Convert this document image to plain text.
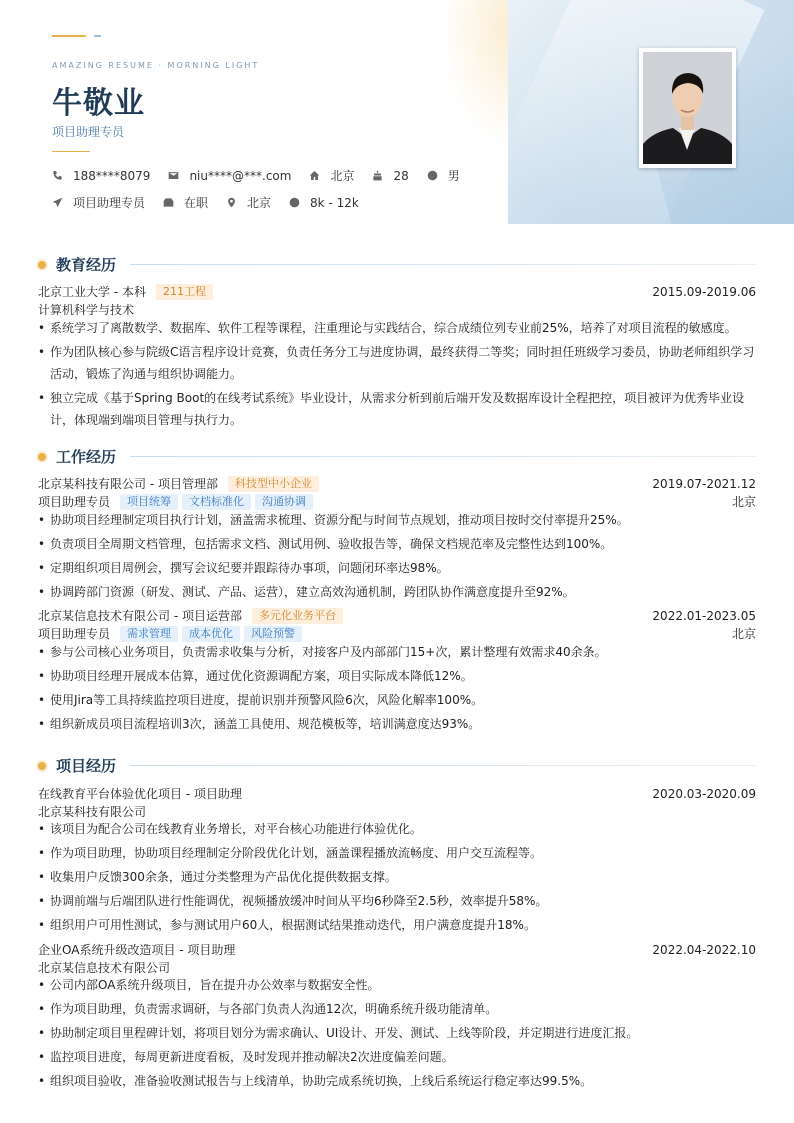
AMAZING RESUME · MORNING LIGHT
牛敬业
项目助理专员
188****8079	niu****@***.com	北京	28	男
项目助理专员	在职	北京	8k - 12k
教育经历
北京工业大学 - 本科	211工程	2015.09-2019.06
计算机科学与技术
• 系统学习了离散数学、数据库、软件工程等课程，注重理论与实践结合，综合成绩位列专业前25%，培养了对项目流程的敏感度。
• 作为团队核心参与院级C语言程序设计竞赛，负责任务分工与进度协调，最终获得二等奖；同时担任班级学习委员，协助老师组织学习活动，锻炼了沟通与组织协调能力。
• 独立完成《基于Spring Boot的在线考试系统》毕业设计，从需求分析到前后端开发及数据库设计全程把控，项目被评为优秀毕业设计，体现端到端项目管理与执行力。
工作经历
北京某科技有限公司 - 项目管理部	科技型中小企业	2019.07-2021.12
项目助理专员	项目统筹	文档标准化	沟通协调	北京
• 协助项目经理制定项目执行计划，涵盖需求梳理、资源分配与时间节点规划，推动项目按时交付率提升25%。
• 负责项目全周期文档管理，包括需求文档、测试用例、验收报告等，确保文档规范率及完整性达到100%。
• 定期组织项目周例会，撰写会议纪要并跟踪待办事项，问题闭环率达98%。
• 协调跨部门资源（研发、测试、产品、运营），建立高效沟通机制，跨团队协作满意度提升至92%。
北京某信息技术有限公司 - 项目运营部	多元化业务平台	2022.01-2023.05
项目助理专员	需求管理	成本优化	风险预警	北京
• 参与公司核心业务项目，负责需求收集与分析，对接客户及内部部门15+次，累计整理有效需求40余条。
• 协助项目经理开展成本估算，通过优化资源调配方案，项目实际成本降低12%。
• 使用Jira等工具持续监控项目进度，提前识别并预警风险6次，风险化解率100%。
• 组织新成员项目流程培训3次，涵盖工具使用、规范模板等，培训满意度达93%。
项目经历
在线教育平台体验优化项目 - 项目助理	2020.03-2020.09
北京某科技有限公司
• 该项目为配合公司在线教育业务增长，对平台核心功能进行体验优化。
• 作为项目助理，协助项目经理制定分阶段优化计划，涵盖课程播放流畅度、用户交互流程等。
• 收集用户反馈300余条，通过分类整理为产品优化提供数据支撑。
• 协调前端与后端团队进行性能调优，视频播放缓冲时间从平均6秒降至2.5秒，效率提升58%。
• 组织用户可用性测试，参与测试用户60人，根据测试结果推动迭代，用户满意度提升18%。
企业OA系统升级改造项目 - 项目助理	2022.04-2022.10
北京某信息技术有限公司
• 公司内部OA系统升级项目，旨在提升办公效率与数据安全性。
• 作为项目助理，负责需求调研，与各部门负责人沟通12次，明确系统升级功能清单。
• 协助制定项目里程碑计划，将项目划分为需求确认、UI设计、开发、测试、上线等阶段，并定期进行进度汇报。
• 监控项目进度，每周更新进度看板，及时发现并推动解决2次进度偏差问题。
• 组织项目验收，准备验收测试报告与上线清单，协助完成系统切换，上线后系统运行稳定率达99.5%。
